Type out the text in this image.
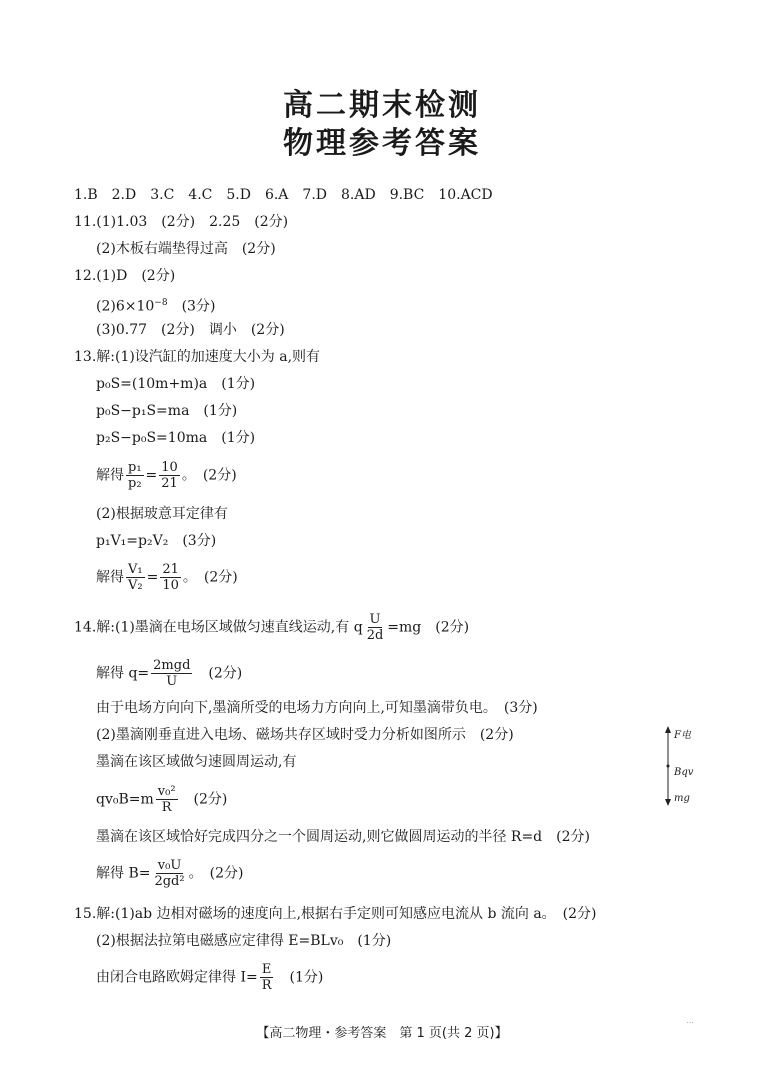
高二期末检测
物理参考答案
1.B　2.D　3.C　4.C　5.D　6.A　7.D　8.AD　9.BC　10.ACD
11.(1)1.03　(2分)　2.25　(2分)
(2)木板右端垫得过高　(2分)
12.(1)D　(2分)
$(2)6\times 10^{-8}$　(3分)
(3)0.77　(2分)　调小　(2分)
13.解:(1)设汽缸的加速度大小为 a,则有
p₀S=(10m+m)a　(1分)
p₀S−p₁S=ma　(1分)
p₂S−p₀S=10ma　(1分)
解得 $\frac{\text{p₁}}{\text{p₂}} = \frac{10}{21}$ 。　(2分)
(2)根据玻意耳定律有
p₁V₁=p₂V₂　(3分)
解得 $\frac{\text{V₁}}{\text{V₂}} = \frac{21}{10}$ 。　(2分)
14.解:(1)墨滴在电场区域做匀速直线运动,有 q $\frac{U}{2d} =mg$　(2分)
解得 $q= \frac{\text{2mgd}}{U}$ 　(2分)
由于电场方向向下,墨滴所受的电场力方向向上,可知墨滴带负电。　(3分)
(2)墨滴刚垂直进入电场、磁场共存区域时受力分析如图所示　(2分)
墨滴在该区域做匀速圆周运动,有
$qv_0B=m \frac{\text{v₀²}}{R}$ 　(2分)
墨滴在该区域恰好完成四分之一个圆周运动,则它做圆周运动的半径 R=d　(2分)
解得 $B= \frac{\text{v₀U}}{\text{2gd²}}$ 。　(2分)
15.解:(1)ab 边相对磁场的速度向上,根据右手定则可知感应电流从 b 流向 a。　(2分)
(2)根据法拉第电磁感应定律得 E=BLv₀　(1分)
由闭合电路欧姆定律得 $I= \frac{E}{R}$ 　(1分)
F电
Bqv
mg
【高二物理・参考答案　第 1 页(共 2 页)】
...
